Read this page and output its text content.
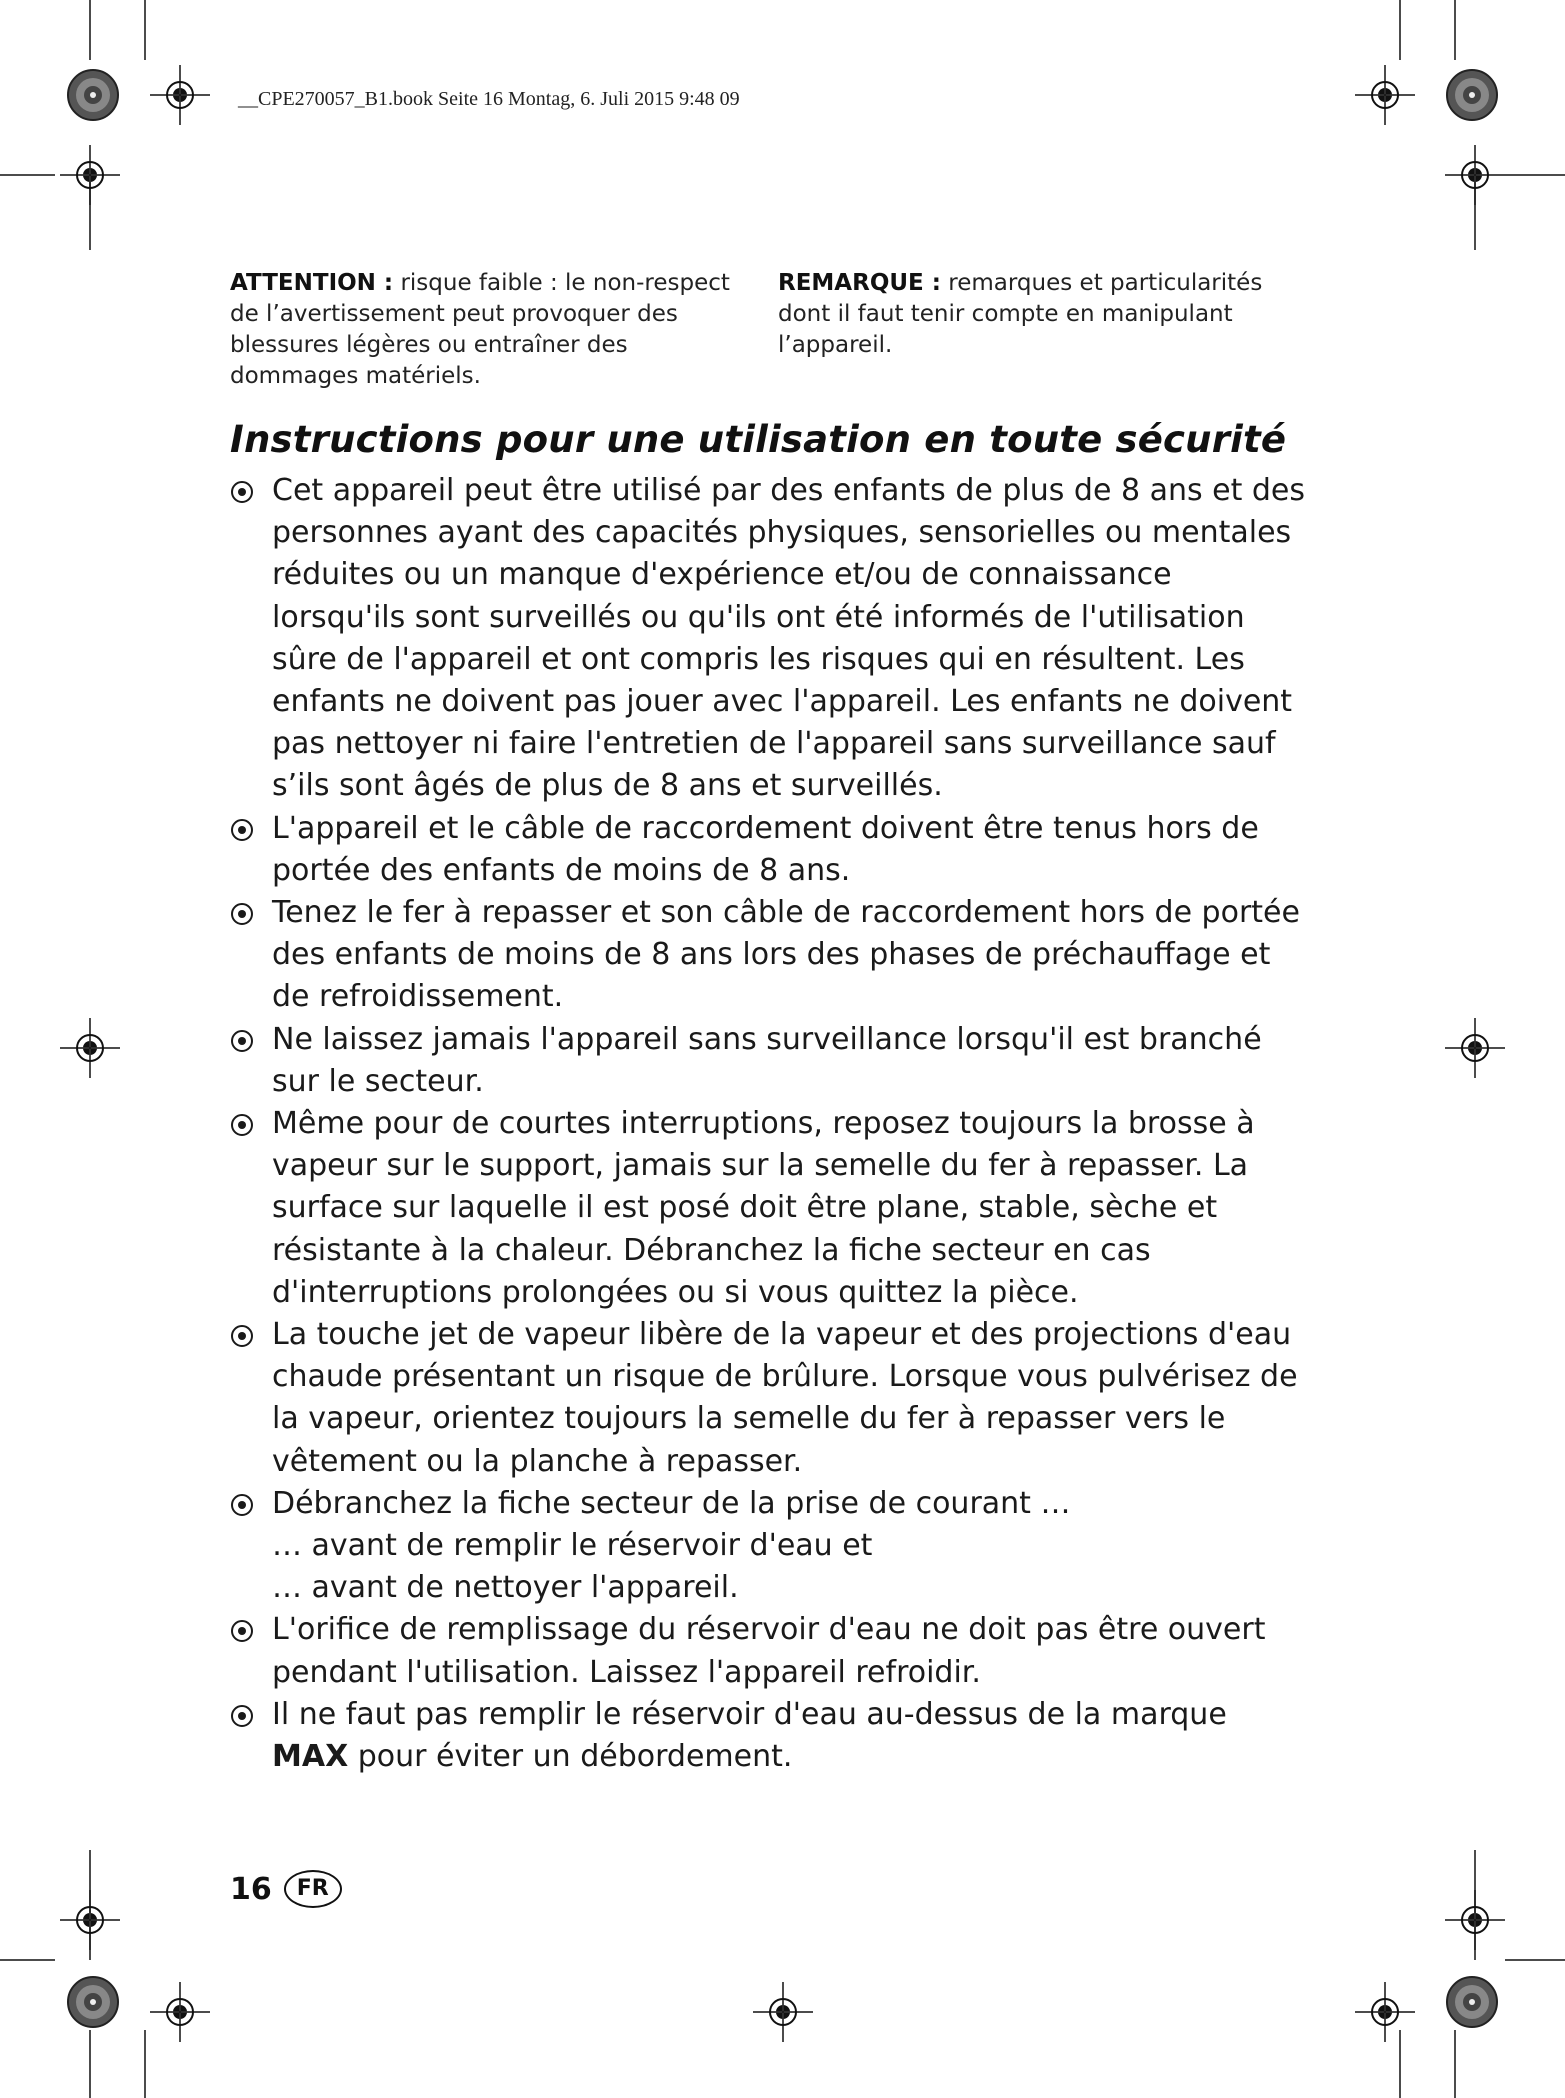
__CPE270057_B1.book Seite 16 Montag, 6. Juli 2015 9:48 09
ATTENTION : risque faible : le non-respect de l’avertissement peut provoquer des blessures légères ou entraîner des dommages matériels.
REMARQUE : remarques et particularités dont il faut tenir compte en manipulant l’appareil.
Instructions pour une utilisation en toute sécurité
Cet appareil peut être utilisé par des enfants de plus de 8 ans et des personnes ayant des capacités physiques, sensorielles ou mentales réduites ou un manque d'expérience et/ou de connaissance lorsqu'ils sont surveillés ou qu'ils ont été informés de l'utilisation sûre de l'appareil et ont compris les risques qui en résultent. Les enfants ne doivent pas jouer avec l'appareil. Les enfants ne doivent pas nettoyer ni faire l'entretien de l'appareil sans surveillance sauf s’ils sont âgés de plus de 8 ans et surveillés.
L'appareil et le câble de raccordement doivent être tenus hors de portée des enfants de moins de 8 ans.
Tenez le fer à repasser et son câble de raccordement hors de portée des enfants de moins de 8 ans lors des phases de préchauffage et de refroidissement.
Ne laissez jamais l'appareil sans surveillance lorsqu'il est branché sur le secteur.
Même pour de courtes interruptions, reposez toujours la brosse à vapeur sur le support, jamais sur la semelle du fer à repasser. La surface sur laquelle il est posé doit être plane, stable, sèche et résistante à la chaleur. Débranchez la fiche secteur en cas d'interruptions prolongées ou si vous quittez la pièce.
La touche jet de vapeur libère de la vapeur et des projections d'eau chaude présentant un risque de brûlure. Lorsque vous pulvérisez de la vapeur, orientez toujours la semelle du fer à repasser vers le vêtement ou la planche à repasser.
Débranchez la fiche secteur de la prise de courant …
… avant de remplir le réservoir d'eau et
… avant de nettoyer l'appareil.
L'orifice de remplissage du réservoir d'eau ne doit pas être ouvert pendant l'utilisation. Laissez l'appareil refroidir.
Il ne faut pas remplir le réservoir d'eau au-dessus de la marque MAX pour éviter un débordement.
16	FR
